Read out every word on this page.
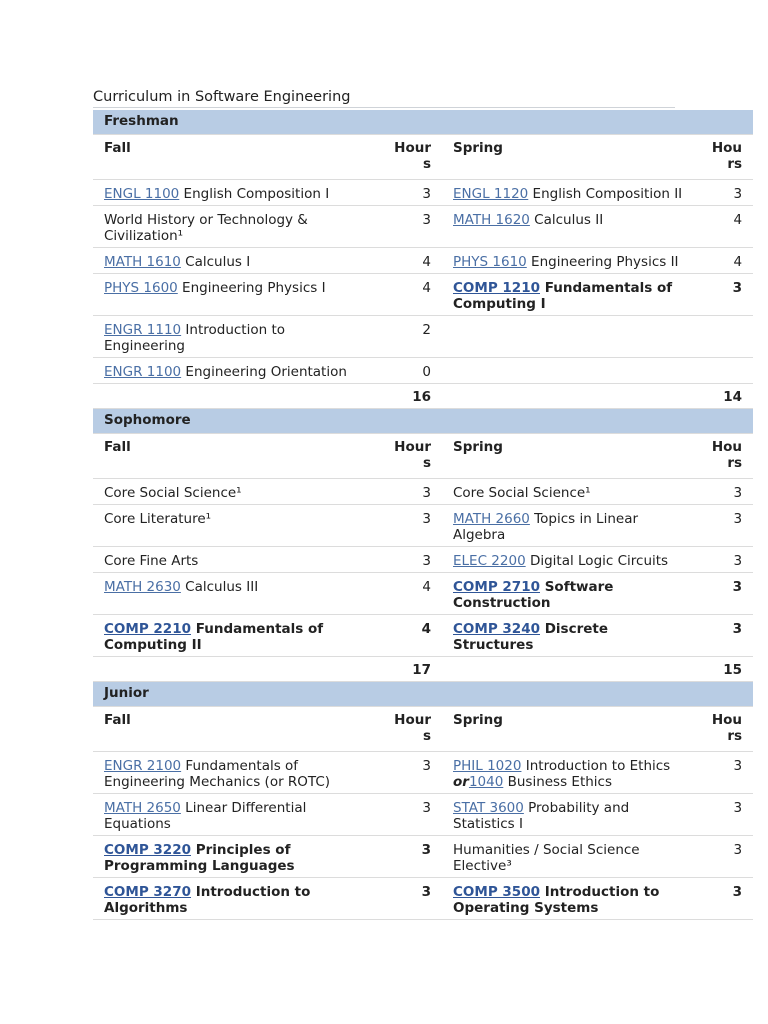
Curriculum in Software Engineering
Freshman			
Fall	Hours	Spring	Hours
ENGL 1100 English Composition I	3	ENGL 1120 English Composition II	3
World History or Technology & Civilization¹	3	MATH 1620 Calculus II	4
MATH 1610 Calculus I	4	PHYS 1610 Engineering Physics II	4
PHYS 1600 Engineering Physics I	4	COMP 1210 Fundamentals of Computing I	3
ENGR 1110 Introduction to Engineering	2		
ENGR 1100 Engineering Orientation	0		
	16		14
Sophomore			
Fall	Hours	Spring	Hours
Core Social Science¹	3	Core Social Science¹	3
Core Literature¹	3	MATH 2660 Topics in Linear Algebra	3
Core Fine Arts	3	ELEC 2200 Digital Logic Circuits	3
MATH 2630 Calculus III	4	COMP 2710 Software Construction	3
COMP 2210 Fundamentals of Computing II	4	COMP 3240 Discrete Structures	3
	17		15
Junior			
Fall	Hours	Spring	Hours
ENGR 2100 Fundamentals of Engineering Mechanics (or ROTC)	3	PHIL 1020 Introduction to Ethics or1040 Business Ethics	3
MATH 2650 Linear Differential Equations	3	STAT 3600 Probability and Statistics I	3
COMP 3220 Principles of Programming Languages	3	Humanities / Social Science Elective³	3
COMP 3270 Introduction to Algorithms	3	COMP 3500 Introduction to Operating Systems	3
